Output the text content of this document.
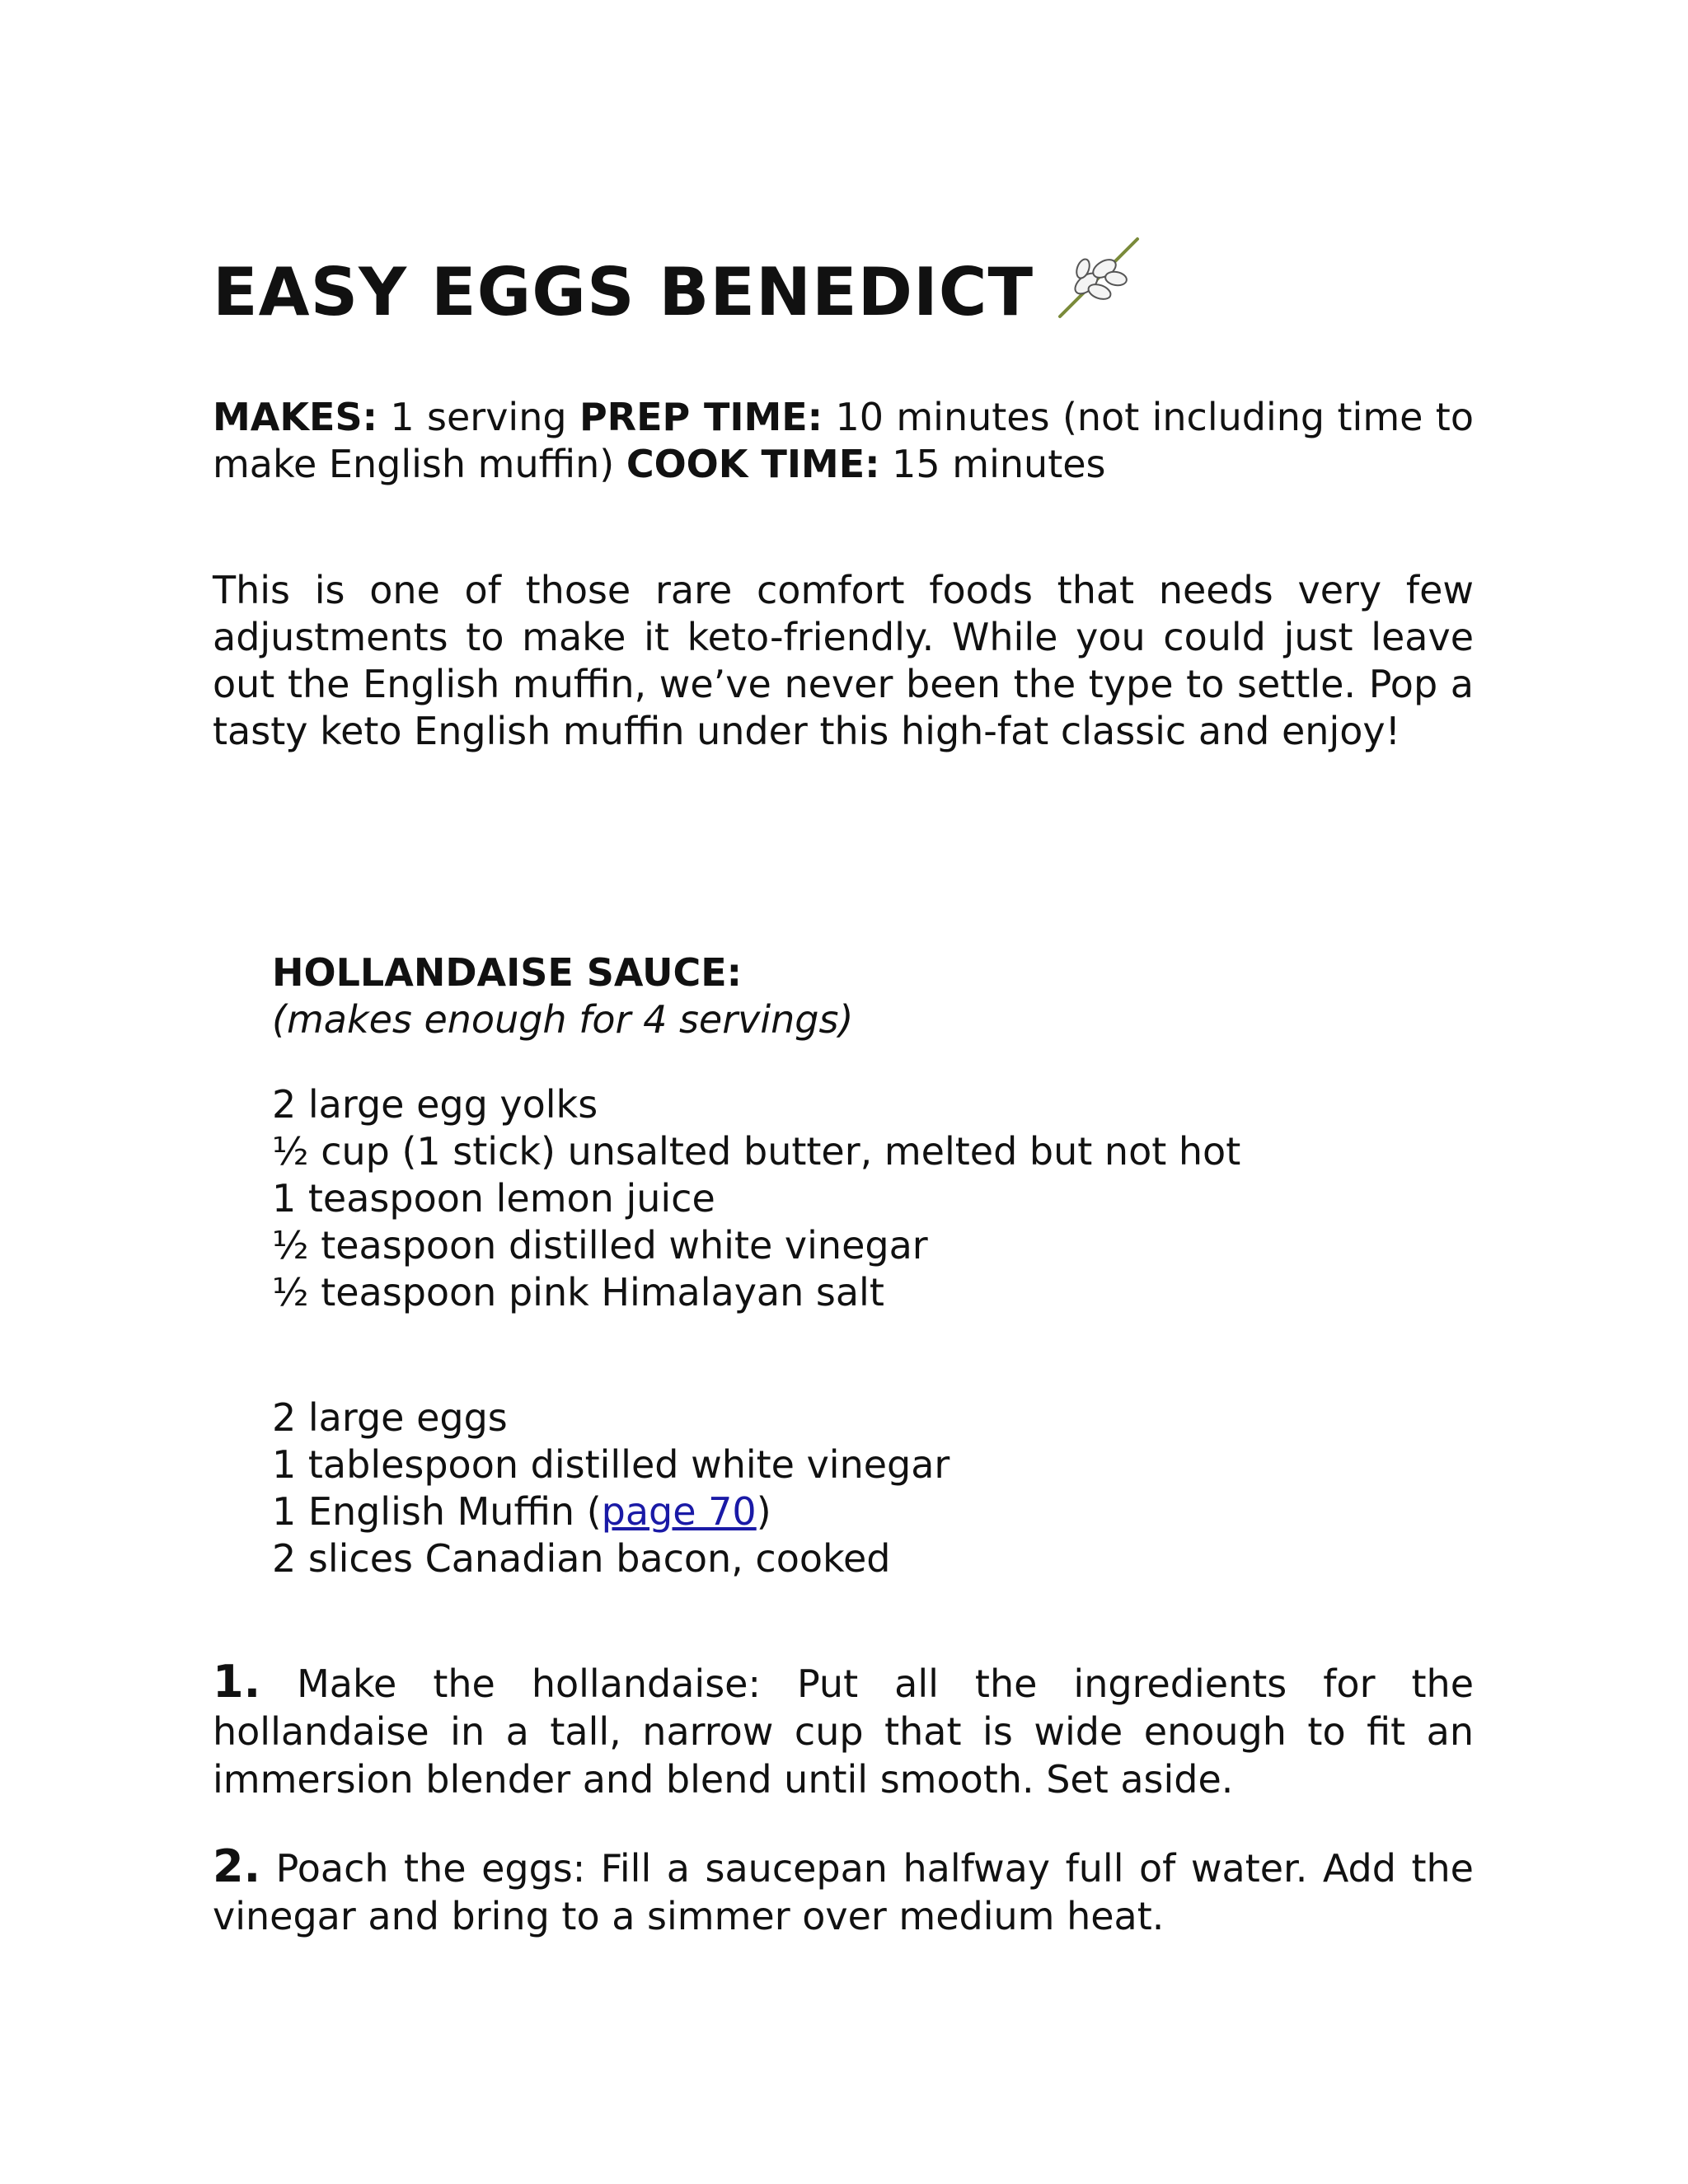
EASY EGGS BENEDICT

MAKES: 1 serving PREP TIME: 10 minutes (not including time to make English muffin) COOK TIME: 15 minutes

This is one of those rare comfort foods that needs very few adjustments to make it keto-friendly. While you could just leave out the English muffin, we’ve never been the type to settle. Pop a tasty keto English muffin under this high-fat classic and enjoy!

HOLLANDAISE SAUCE:

(makes enough for 4 servings)

2 large egg yolks
½ cup (1 stick) unsalted butter, melted but not hot
1 teaspoon lemon juice
½ teaspoon distilled white vinegar
½ teaspoon pink Himalayan salt
2 large eggs
1 tablespoon distilled white vinegar
1 English Muffin (page 70)
2 slices Canadian bacon, cooked

1. Make the hollandaise: Put all the ingredients for the hollandaise in a tall, narrow cup that is wide enough to fit an immersion blender and blend until smooth. Set aside.

2. Poach the eggs: Fill a saucepan halfway full of water. Add the vinegar and bring to a simmer over medium heat.
